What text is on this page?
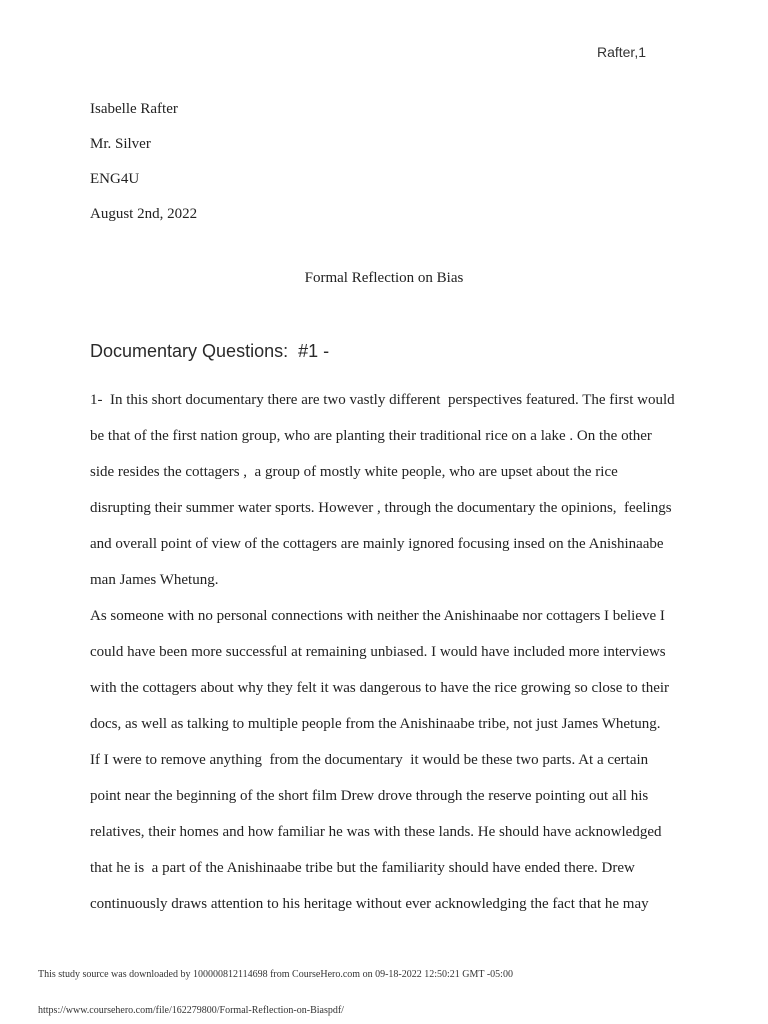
Rafter,1
Isabelle Rafter
Mr. Silver
ENG4U
August 2nd, 2022
Formal Reflection on Bias
Documentary Questions:  #1 -
1-  In this short documentary there are two vastly different  perspectives featured. The first would
be that of the first nation group, who are planting their traditional rice on a lake . On the other
side resides the cottagers ,  a group of mostly white people, who are upset about the rice
disrupting their summer water sports. However , through the documentary the opinions,  feelings
and overall point of view of the cottagers are mainly ignored focusing insed on the Anishinaabe
man James Whetung.
As someone with no personal connections with neither the Anishinaabe nor cottagers I believe I
could have been more successful at remaining unbiased. I would have included more interviews
with the cottagers about why they felt it was dangerous to have the rice growing so close to their
docs, as well as talking to multiple people from the Anishinaabe tribe, not just James Whetung.
If I were to remove anything  from the documentary  it would be these two parts. At a certain
point near the beginning of the short film Drew drove through the reserve pointing out all his
relatives, their homes and how familiar he was with these lands. He should have acknowledged
that he is  a part of the Anishinaabe tribe but the familiarity should have ended there. Drew
continuously draws attention to his heritage without ever acknowledging the fact that he may
This study source was downloaded by 100000812114698 from CourseHero.com on 09-18-2022 12:50:21 GMT -05:00
https://www.coursehero.com/file/162279800/Formal-Reflection-on-Biaspdf/
